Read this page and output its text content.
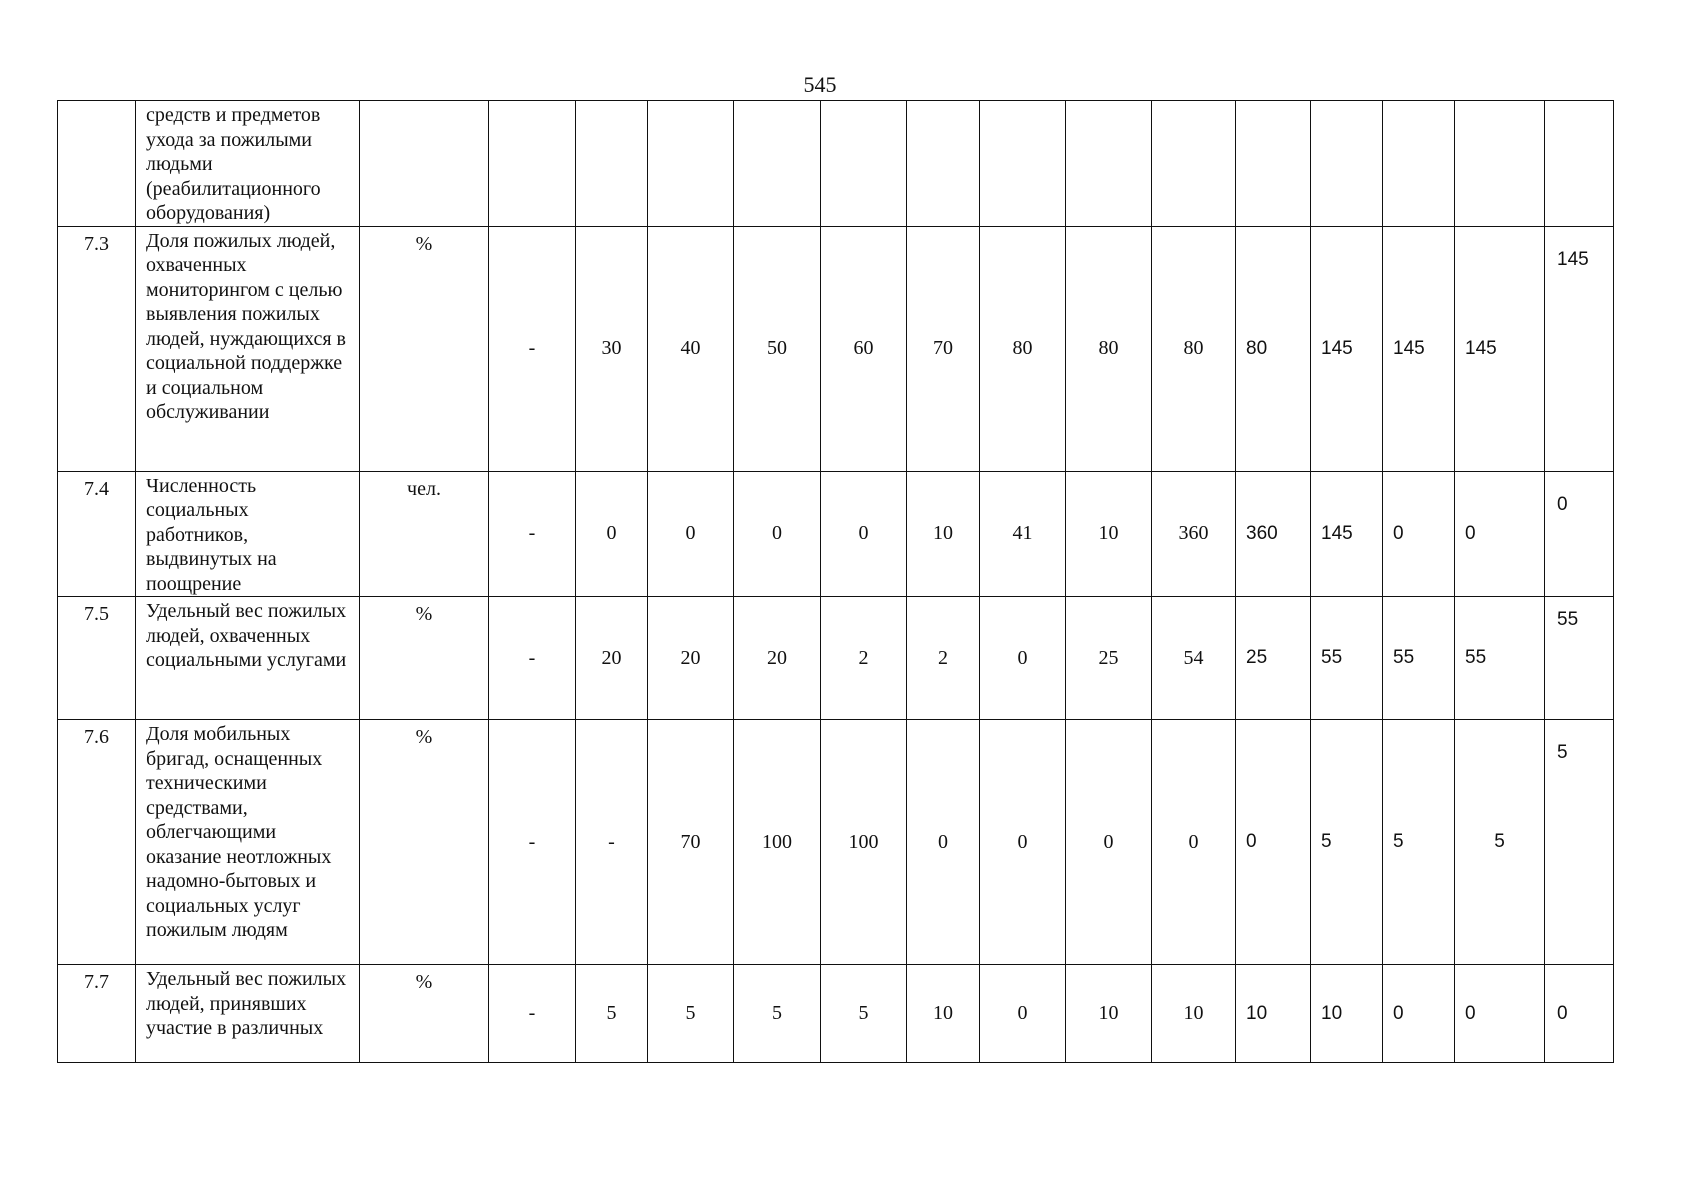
545
	средств и предметов ухода за пожилыми людьми (реабилитационного оборудования)															
7.3	Доля пожилых людей, охваченных мониторингом с целью выявления пожилых людей, нуждающихся в социальной поддержке и социальном обслуживании	%	-	30	40	50	60	70	80	80	80	80	145	145	145	145
7.4	Численность социальных работников, выдвинутых на поощрение	чел.	-	0	0	0	0	10	41	10	360	360	145	0	0	0
7.5	Удельный вес пожилых людей, охваченных социальными услугами	%	-	20	20	20	2	2	0	25	54	25	55	55	55	55
7.6	Доля мобильных бригад, оснащенных техническими средствами, облегчающими оказание неотложных надомно-бытовых и социальных услуг пожилым людям	%	-	-	70	100	100	0	0	0	0	0	5	5	5	5
7.7	Удельный вес пожилых людей, принявших участие в различных	%	-	5	5	5	5	10	0	10	10	10	10	0	0	0
